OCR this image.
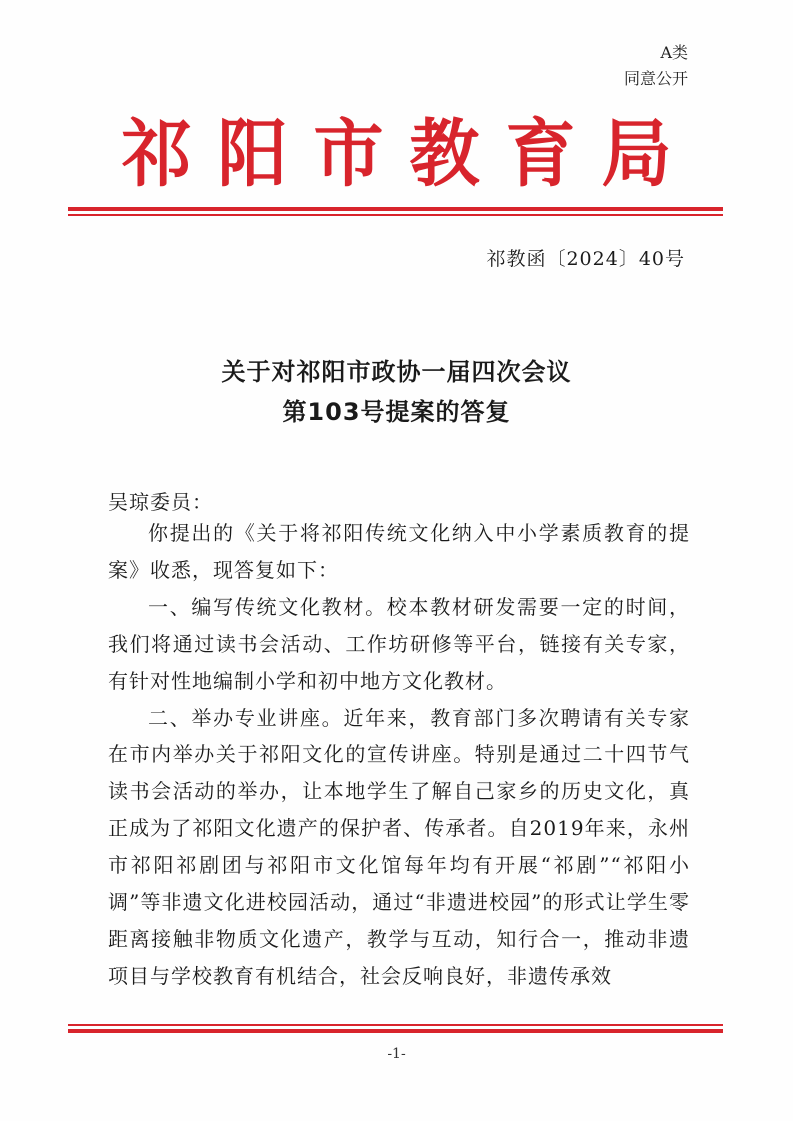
A类
同意公开
祁阳市教育局
祁教函〔2024〕40号
关于对祁阳市政协一届四次会议
第103号提案的答复
吴琼委员：

你提出的《关于将祁阳传统文化纳入中小学素质教育的提案》收悉，现答复如下：

一、编写传统文化教材。校本教材研发需要一定的时间，我们将通过读书会活动、工作坊研修等平台，链接有关专家，有针对性地编制小学和初中地方文化教材。

二、举办专业讲座。近年来，教育部门多次聘请有关专家在市内举办关于祁阳文化的宣传讲座。特别是通过二十四节气读书会活动的举办，让本地学生了解自己家乡的历史文化，真正成为了祁阳文化遗产的保护者、传承者。自2019年来，永州市祁阳祁剧团与祁阳市文化馆每年均有开展“祁剧”“祁阳小调”等非遗文化进校园活动，通过“非遗进校园”的形式让学生零距离接触非物质文化遗产，教学与互动，知行合一，推动非遗项目与学校教育有机结合，社会反响良好，非遗传承效

-1-
